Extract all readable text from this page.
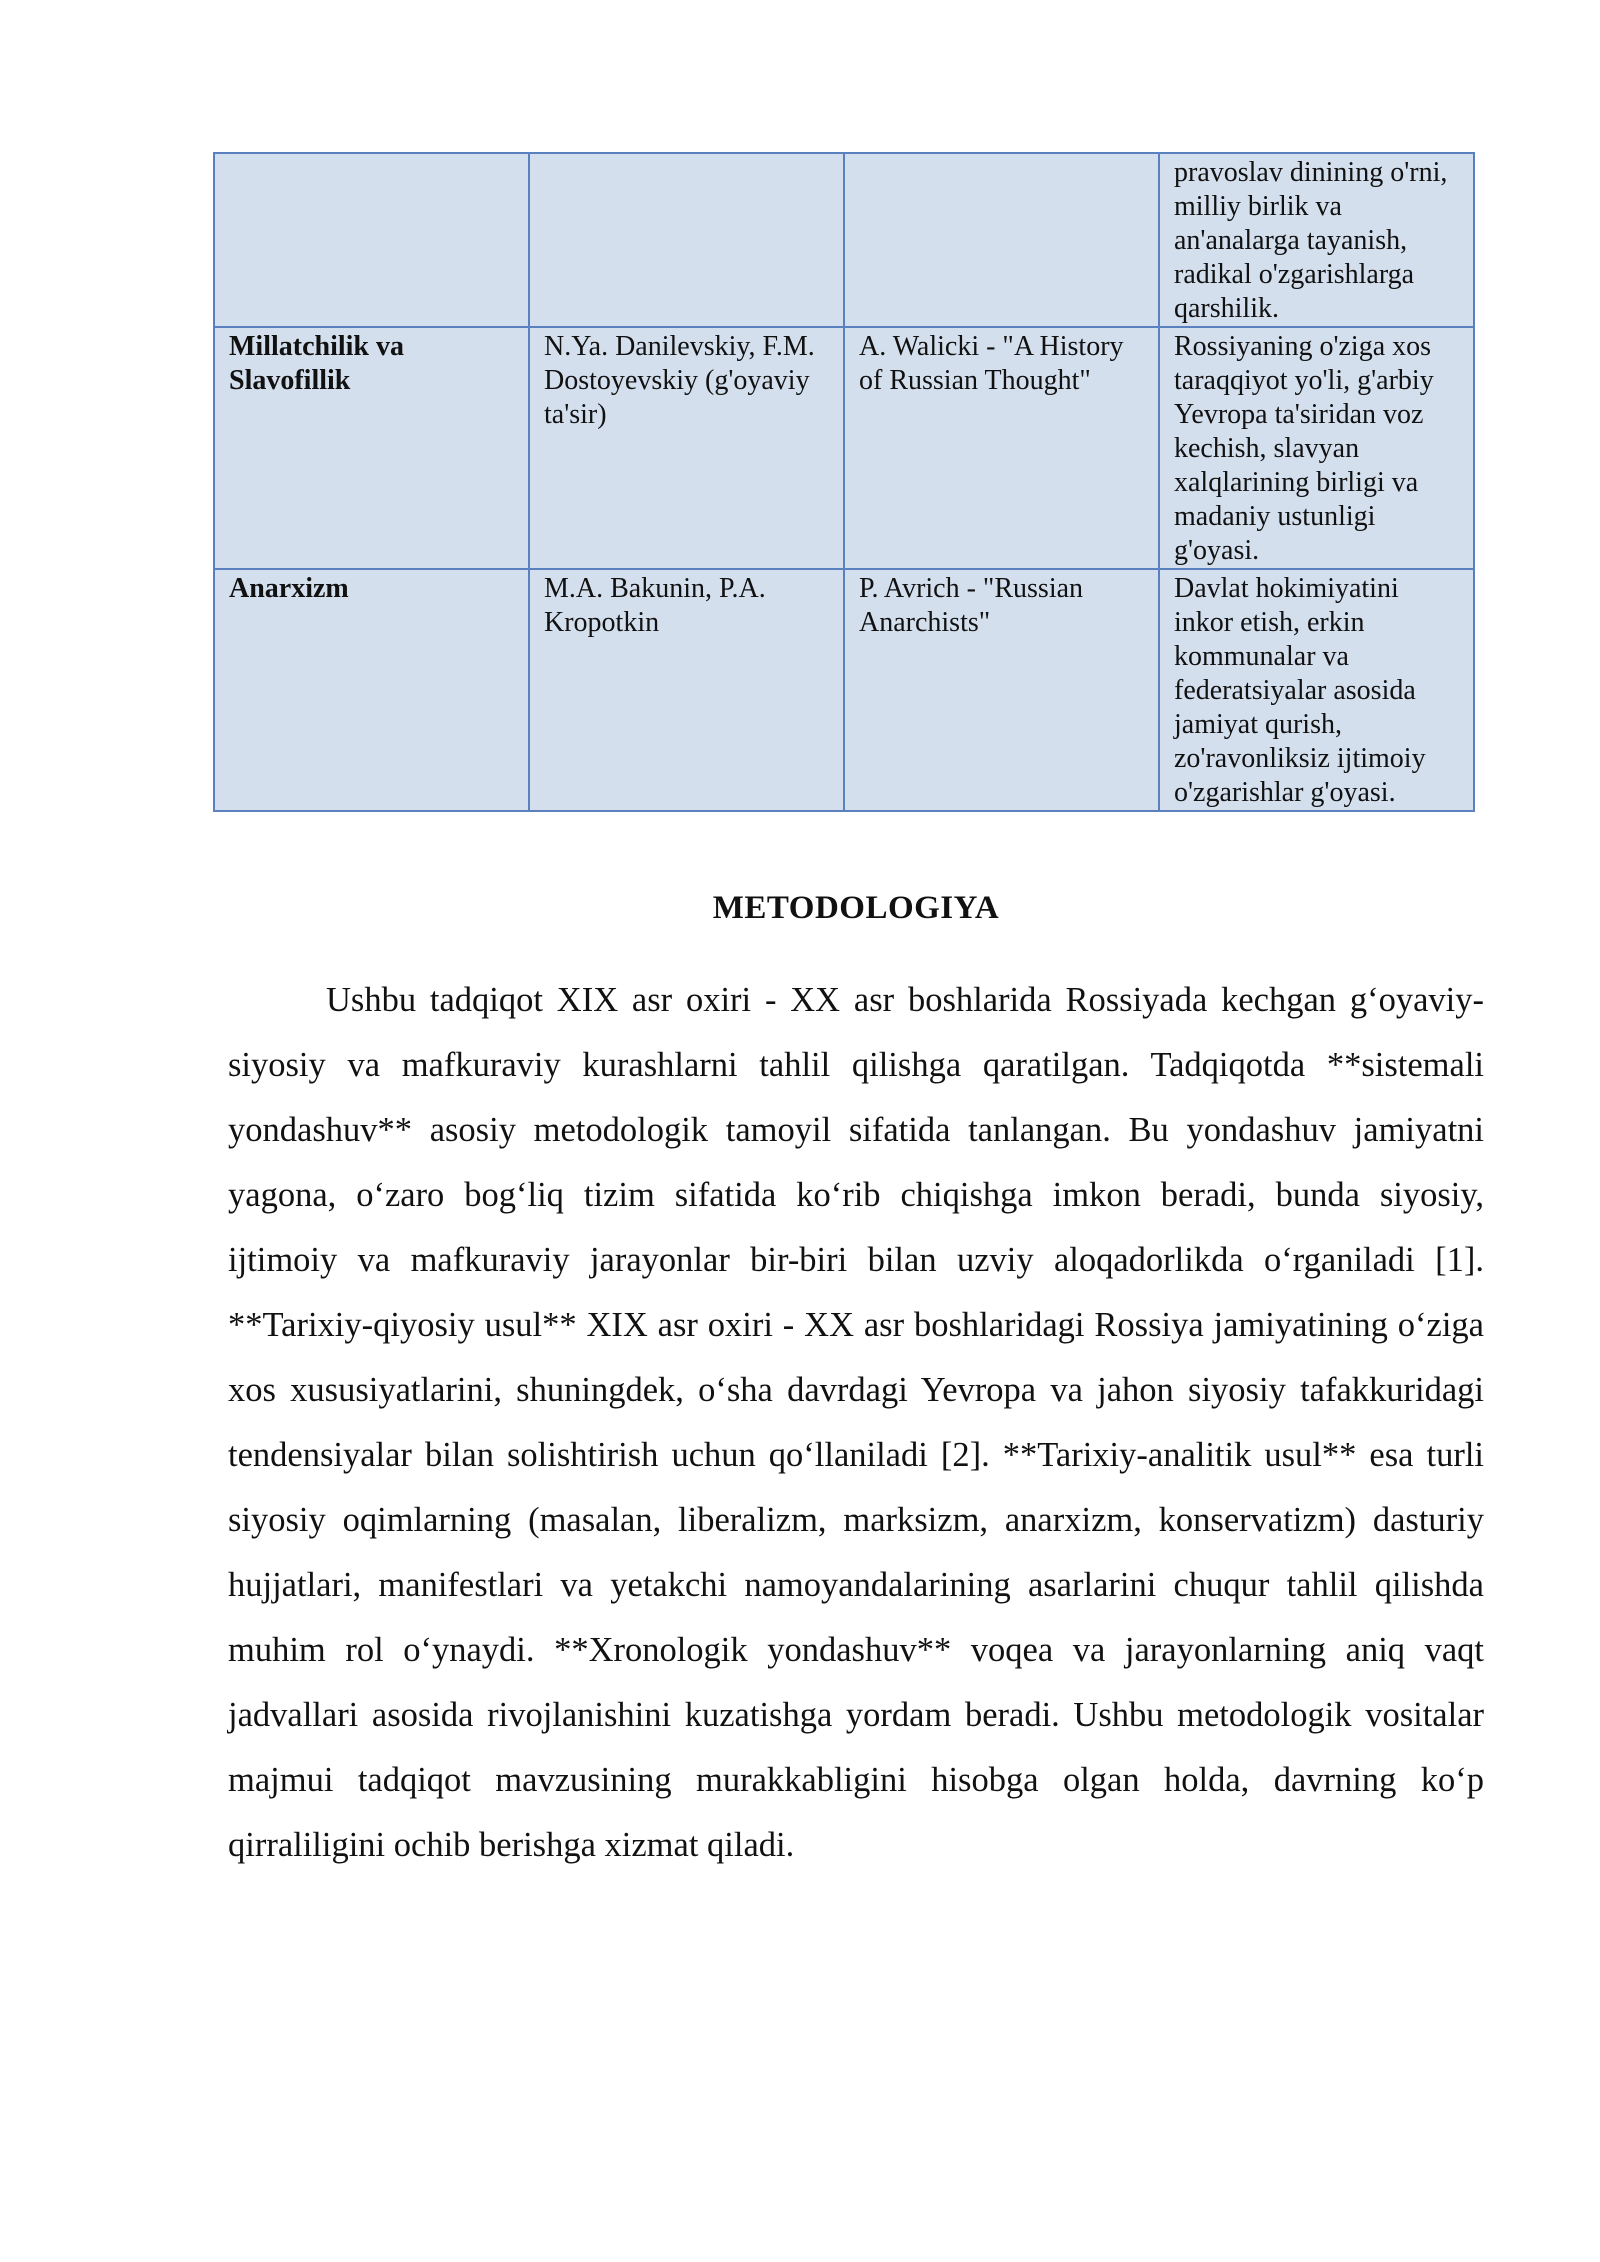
			pravoslav dinining o'rni, milliy birlik va an'analarga tayanish, radikal o'zgarishlarga qarshilik.
Millatchilik va Slavofillik	N.Ya. Danilevskiy, F.M. Dostoyevskiy (g'oyaviy ta'sir)	A. Walicki - "A History of Russian Thought"	Rossiyaning o'ziga xos taraqqiyot yo'li, g'arbiy Yevropa ta'siridan voz kechish, slavyan xalqlarining birligi va madaniy ustunligi g'oyasi.
Anarxizm	M.A. Bakunin, P.A. Kropotkin	P. Avrich - "Russian Anarchists"	Davlat hokimiyatini inkor etish, erkin kommunalar va federatsiyalar asosida jamiyat qurish, zo'ravonliksiz ijtimoiy o'zgarishlar g'oyasi.
METODOLOGIYA

Ushbu tadqiqot XIX asr oxiri - XX asr boshlarida Rossiyada kechgan g‘oyaviy-siyosiy va mafkuraviy kurashlarni tahlil qilishga qaratilgan. Tadqiqotda **sistemali yondashuv** asosiy metodologik tamoyil sifatida tanlangan. Bu yondashuv jamiyatni yagona, o‘zaro bog‘liq tizim sifatida ko‘rib chiqishga imkon beradi, bunda siyosiy, ijtimoiy va mafkuraviy jarayonlar bir-biri bilan uzviy aloqadorlikda o‘rganiladi [1]. **Tarixiy-qiyosiy usul** XIX asr oxiri - XX asr boshlaridagi Rossiya jamiyatining o‘ziga xos xususiyatlarini, shuningdek, o‘sha davrdagi Yevropa va jahon siyosiy tafakkuridagi tendensiyalar bilan solishtirish uchun qo‘llaniladi [2]. **Tarixiy-analitik usul** esa turli siyosiy oqimlarning (masalan, liberalizm, marksizm, anarxizm, konservatizm) dasturiy hujjatlari, manifestlari va yetakchi namoyandalarining asarlarini chuqur tahlil qilishda muhim rol o‘ynaydi. **Xronologik yondashuv** voqea va jarayonlarning aniq vaqt jadvallari asosida rivojlanishini kuzatishga yordam beradi. Ushbu metodologik vositalar majmui tadqiqot mavzusining murakkabligini hisobga olgan holda, davrning ko‘p qirraliligini ochib berishga xizmat qiladi.
